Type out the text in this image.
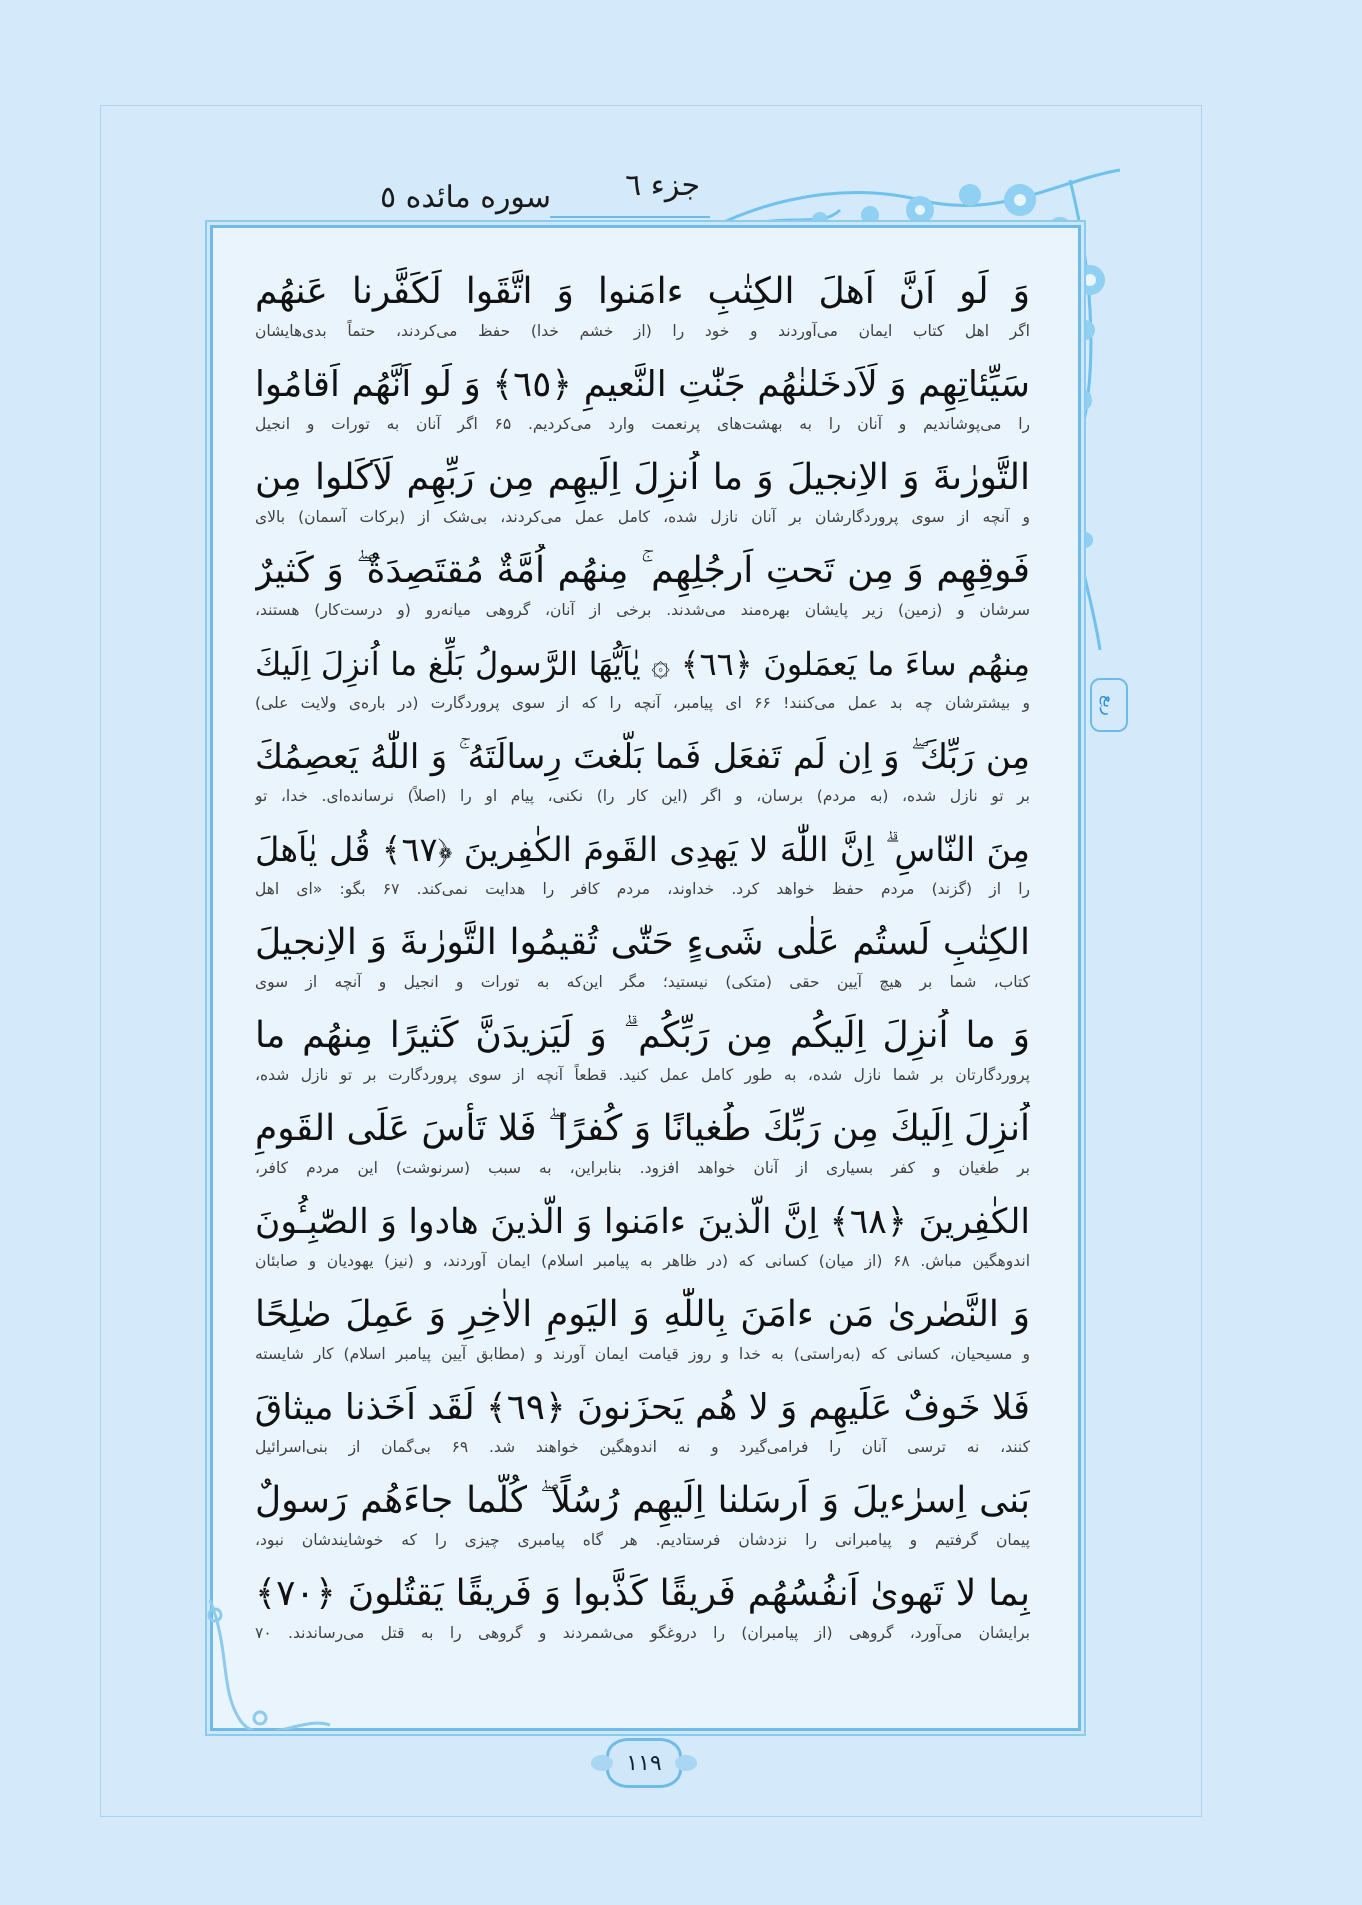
جزء ٦
سوره مائده ٥
ربع
وَ لَو اَنَّ اَهلَ الكِتٰبِ ءامَنوا وَ اتَّقَوا لَكَفَّرنا عَنهُم
اگر اهل کتاب ایمان می‌آوردند و خود را (از خشم خدا) حفظ می‌کردند، حتماً بدی‌هایشان
سَيِّئاتِهِم وَ لَاَدخَلنٰهُم جَنّٰتِ النَّعيمِ ﴿٦٥﴾ وَ لَو اَنَّهُم اَقامُوا
را می‌پوشاندیم و آنان را به بهشت‌های پرنعمت وارد می‌کردیم. ۶۵ اگر آنان به تورات و انجیل
التَّورٰىةَ وَ الاِنجيلَ وَ ما اُنزِلَ اِلَيهِم مِن رَبِّهِم لَاَكَلوا مِن
و آنچه از سوی پروردگارشان بر آنان نازل شده، کامل عمل می‌کردند، بی‌شک از (برکات آسمان) بالای
فَوقِهِم وَ مِن تَحتِ اَرجُلِهِم ۚ مِنهُم اُمَّةٌ مُقتَصِدَةٌ ۖ وَ كَثيرٌ
سرشان و (زمین) زیر پایشان بهره‌مند می‌شدند. برخی از آنان، گروهی میانه‌رو (و درست‌کار) هستند،
مِنهُم ساءَ ما يَعمَلونَ ﴿٦٦﴾ ۞ يٰاَيُّهَا الرَّسولُ بَلِّغ ما اُنزِلَ اِلَيكَ
و بیشترشان چه بد عمل می‌کنند! ۶۶ ای پیامبر، آنچه را که از سوی پروردگارت (در باره‌ی ولایت علی)
مِن رَبِّكَ ۖ وَ اِن لَم تَفعَل فَما بَلَّغتَ رِسالَتَهُ ۚ وَ اللّٰهُ يَعصِمُكَ
بر تو نازل شده، (به مردم) برسان، و اگر (این کار را) نکنی، پیام او را (اصلاً) نرسانده‌ای. خدا، تو
مِنَ النّاسِ ۗ اِنَّ اللّٰهَ لا يَهدِى القَومَ الكٰفِرينَ ﴿٦٧﴾ قُل يٰاَهلَ
را از (گزند) مردم حفظ خواهد کرد. خداوند، مردم کافر را هدایت نمی‌کند. ۶۷ بگو: «ای اهل
الكِتٰبِ لَستُم عَلٰى شَىءٍ حَتّٰى تُقيمُوا التَّورٰىةَ وَ الاِنجيلَ
کتاب، شما بر هیچ آیین حقی (متکی) نیستید؛ مگر این‌که به تورات و انجیل و آنچه از سوی
وَ ما اُنزِلَ اِلَيكُم مِن رَبِّكُم ۗ وَ لَيَزيدَنَّ كَثيرًا مِنهُم ما
پروردگارتان بر شما نازل شده، به طور کامل عمل کنید. قطعاً آنچه از سوی پروردگارت بر تو نازل شده،
اُنزِلَ اِلَيكَ مِن رَبِّكَ طُغيانًا وَ كُفرًا ۖ فَلا تَأسَ عَلَى القَومِ
بر طغیان و کفر بسیاری از آنان خواهد افزود. بنابراین، به سبب (سرنوشت) این مردم کافر،
الكٰفِرينَ ﴿٦٨﴾ اِنَّ الَّذينَ ءامَنوا وَ الَّذينَ هادوا وَ الصّٰبِـُٔونَ
اندوهگین مباش. ۶۸ (از میان) کسانی که (در ظاهر به پیامبر اسلام) ایمان آوردند، و (نیز) یهودیان و صابئان
وَ النَّصٰرىٰ مَن ءامَنَ بِاللّٰهِ وَ اليَومِ الاٰخِرِ وَ عَمِلَ صٰلِحًا
و مسیحیان، کسانی که (به‌راستی) به خدا و روز قیامت ایمان آورند و (مطابق آیین پیامبر اسلام) کار شایسته
فَلا خَوفٌ عَلَيهِم وَ لا هُم يَحزَنونَ ﴿٦٩﴾ لَقَد اَخَذنا ميثاقَ
کنند، نه ترسی آنان را فرامی‌گیرد و نه اندوهگین خواهند شد. ۶۹ بی‌گمان از بنی‌اسرائیل
بَنى اِسرٰءيلَ وَ اَرسَلنا اِلَيهِم رُسُلًا ۖ كُلَّما جاءَهُم رَسولٌ
پیمان گرفتیم و پیامبرانی را نزدشان فرستادیم. هر گاه پیامبری چیزی را که خوشایندشان نبود،
بِما لا تَهوىٰ اَنفُسُهُم فَريقًا كَذَّبوا وَ فَريقًا يَقتُلونَ ﴿٧٠﴾
برایشان می‌آورد، گروهی (از پیامبران) را دروغگو می‌شمردند و گروهی را به قتل می‌رساندند. ۷۰
١١٩
